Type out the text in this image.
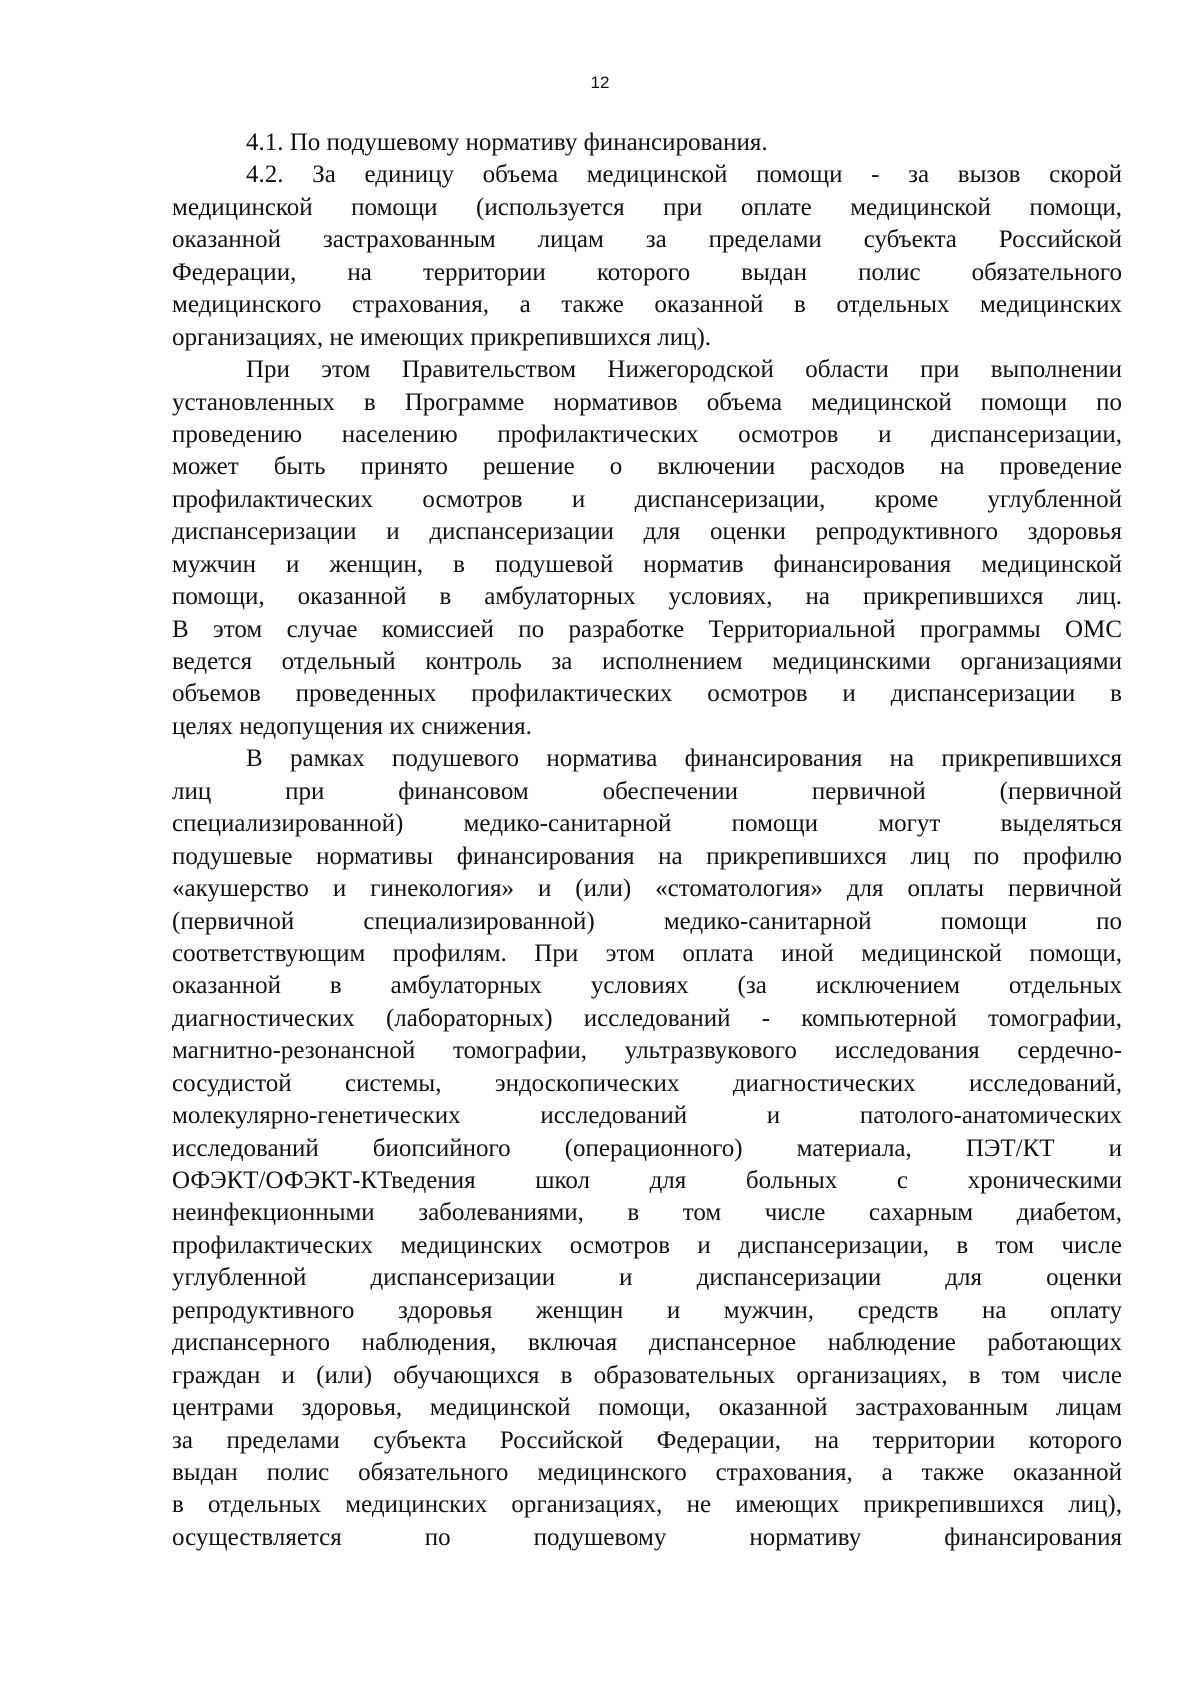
12
4.1. По подушевому нормативу финансирования.
4.2. За единицу объема медицинской помощи - за вызов скорой
медицинской помощи (используется при оплате медицинской помощи,
оказанной застрахованным лицам за пределами субъекта Российской
Федерации, на территории которого выдан полис обязательного
медицинского страхования, а также оказанной в отдельных медицинских
организациях, не имеющих прикрепившихся лиц).
При этом Правительством Нижегородской области при выполнении
установленных в Программе нормативов объема медицинской помощи по
проведению населению профилактических осмотров и диспансеризации,
может быть принято решение о включении расходов на проведение
профилактических осмотров и диспансеризации, кроме углубленной
диспансеризации и диспансеризации для оценки репродуктивного здоровья
мужчин и женщин, в подушевой норматив финансирования медицинской
помощи, оказанной в амбулаторных условиях, на прикрепившихся лиц.
В этом случае комиссией по разработке Территориальной программы ОМС
ведется отдельный контроль за исполнением медицинскими организациями
объемов проведенных профилактических осмотров и диспансеризации в
целях недопущения их снижения.
В рамках подушевого норматива финансирования на прикрепившихся
лиц при финансовом обеспечении первичной (первичной
специализированной) медико-санитарной помощи могут выделяться
подушевые нормативы финансирования на прикрепившихся лиц по профилю
«акушерство и гинекология» и (или) «стоматология» для оплаты первичной
(первичной специализированной) медико-санитарной помощи по
соответствующим профилям. При этом оплата иной медицинской помощи,
оказанной в амбулаторных условиях (за исключением отдельных
диагностических (лабораторных) исследований - компьютерной томографии,
магнитно-резонансной томографии, ультразвукового исследования сердечно-
сосудистой системы, эндоскопических диагностических исследований,
молекулярно-генетических исследований и патолого-анатомических
исследований биопсийного (операционного) материала, ПЭТ/КТ и
ОФЭКТ/ОФЭКТ-КТведения школ для больных с хроническими
неинфекционными заболеваниями, в том числе сахарным диабетом,
профилактических медицинских осмотров и диспансеризации, в том числе
углубленной диспансеризации и диспансеризации для оценки
репродуктивного здоровья женщин и мужчин, средств на оплату
диспансерного наблюдения, включая диспансерное наблюдение работающих
граждан и (или) обучающихся в образовательных организациях, в том числе
центрами здоровья, медицинской помощи, оказанной застрахованным лицам
за пределами субъекта Российской Федерации, на территории которого
выдан полис обязательного медицинского страхования, а также оказанной
в отдельных медицинских организациях, не имеющих прикрепившихся лиц),
осуществляется по подушевому нормативу финансирования
